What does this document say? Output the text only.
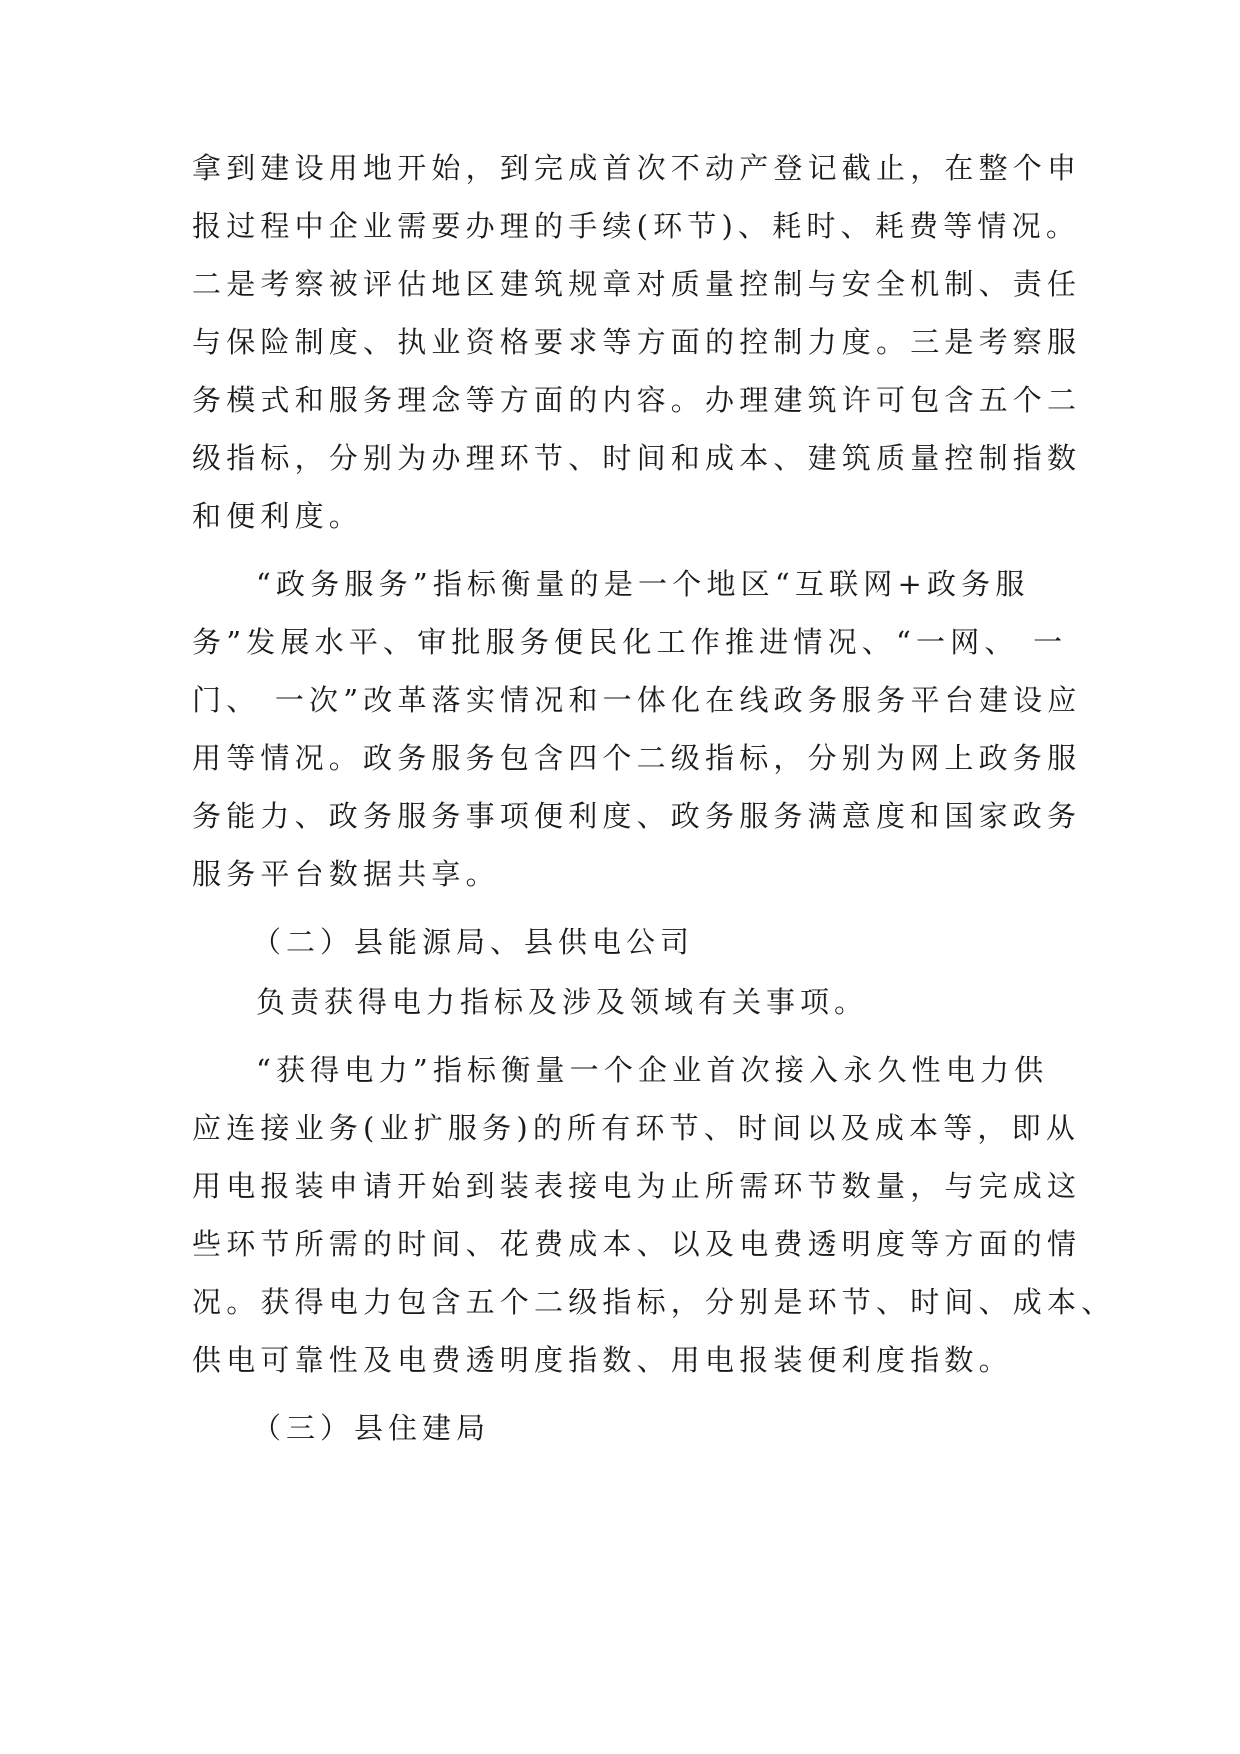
拿到建设用地开始，到完成首次不动产登记截止，在整个申

报过程中企业需要办理的手续(环节)、耗时、耗费等情况。

二是考察被评估地区建筑规章对质量控制与安全机制、责任

与保险制度、执业资格要求等方面的控制力度。三是考察服

务模式和服务理念等方面的内容。办理建筑许可包含五个二

级指标，分别为办理环节、时间和成本、建筑质量控制指数

和便利度。

“政务服务”指标衡量的是一个地区“互联网+政务服

务”发展水平、审批服务便民化工作推进情况、“一网、 一

门、 一次”改革落实情况和一体化在线政务服务平台建设应

用等情况。政务服务包含四个二级指标，分别为网上政务服

务能力、政务服务事项便利度、政务服务满意度和国家政务

服务平台数据共享。

（二）县能源局、县供电公司

负责获得电力指标及涉及领域有关事项。

“获得电力”指标衡量一个企业首次接入永久性电力供

应连接业务(业扩服务)的所有环节、时间以及成本等，即从

用电报装申请开始到装表接电为止所需环节数量，与完成这

些环节所需的时间、花费成本、以及电费透明度等方面的情

况。获得电力包含五个二级指标，分别是环节、时间、成本、

供电可靠性及电费透明度指数、用电报装便利度指数。

（三）县住建局
